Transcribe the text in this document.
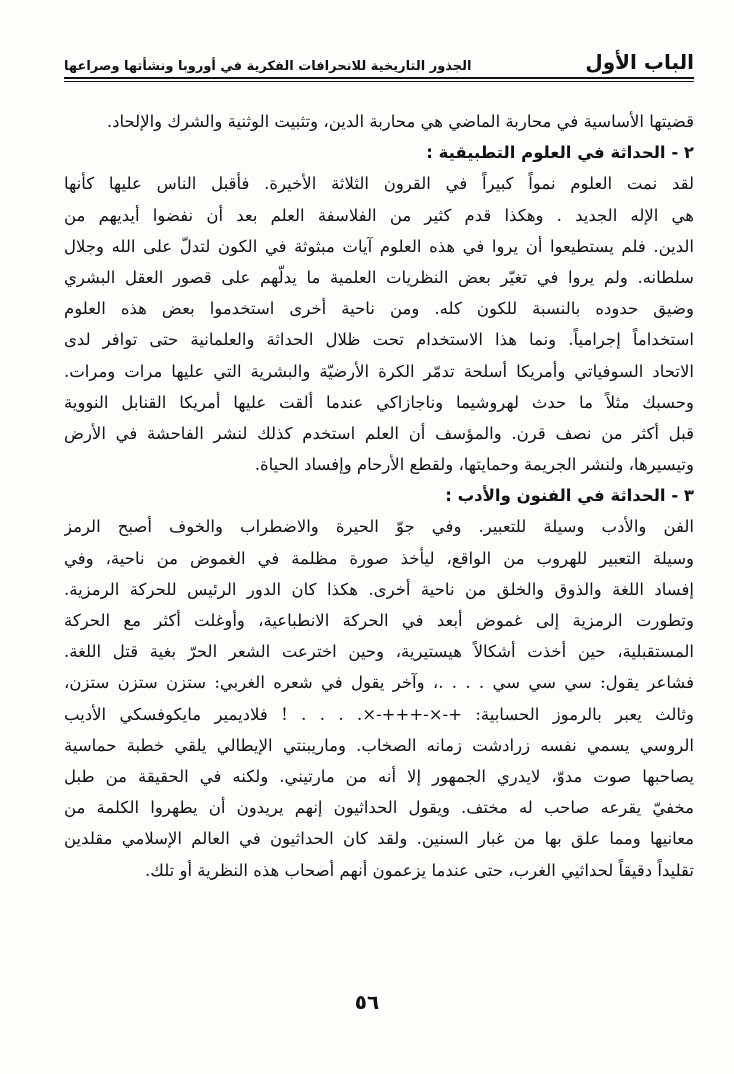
الباب الأول
الجذور التاريخية للانحرافات الفكرية في أوروبا ونشأتها وصراعها
قضيتها الأساسية في محاربة الماضي هي محاربة الدين، وتثبيت الوثنية والشرك والإلحاد.
٢ - الحداثة في العلوم التطبيقية :
لقد نمت العلوم نمواً كبيراً في القرون الثلاثة الأخيرة. فأقبل الناس عليها كأنها
هي الإله الجديد . وهكذا قدم كثير من الفلاسفة العلم بعد أن نفضوا أيديهم من
الدين. فلم يستطيعوا أن يروا في هذه العلوم آيات مبثوثة في الكون لتدلّ على الله وجلال
سلطانه. ولم يروا في تغيّر بعض النظريات العلمية ما يدلّهم على قصور العقل البشري
وضيق حدوده بالنسبة للكون كله. ومن ناحية أخرى استخدموا بعض هذه العلوم
استخداماً إجرامياً. ونما هذا الاستخدام تحت ظلال الحداثة والعلمانية حتى توافر لدى
الاتحاد السوفياتي وأمريكا أسلحة تدمّر الكرة الأرضيّة والبشرية التي عليها مرات ومرات.
وحسبك مثلاً ما حدث لهروشيما وناجازاكي عندما ألقت عليها أمريكا القنابل النووية
قبل أكثر من نصف قرن. والمؤسف أن العلم استخدم كذلك لنشر الفاحشة في الأرض
وتيسيرها، ولنشر الجريمة وحمايتها، ولقطع الأرحام وإفساد الحياة.
٣ - الحداثة في الفنون والأدب :
الفن والأدب وسيلة للتعبير. وفي جوّ الحيرة والاضطراب والخوف أصبح الرمز
وسيلة التعبير للهروب من الواقع، ليأخذ صورة مظلمة في الغموض من ناحية، وفي
إفساد اللغة والذوق والخلق من ناحية أخرى. هكذا كان الدور الرئيس للحركة الرمزية.
وتطورت الرمزية إلى غموض أبعد في الحركة الانطباعية، وأوغلت أكثر مع الحركة
المستقبلية، حين أخذت أشكالاً هيستيرية، وحين اخترعت الشعر الحرّ بغية قتل اللغة.
فشاعر يقول: سي سي سي . . . .، وآخر يقول في شعره الغربي: ستزن ستزن ستزن،
وثالث يعبر بالرموز الحسابية: +-×-+++-×. . . . ! فلاديمير مايكوفسكي الأديب
الروسي يسمي نفسه زرادشت زمانه الصخاب. وماريبنتي الإيطالي يلقي خطبة حماسية
يصاحبها صوت مدوّ، لايدري الجمهور إلا أنه من مارتيني. ولكنه في الحقيقة من طبل
مخفيّ يقرعه صاحب له مختف. ويقول الحداثيون إنهم يريدون أن يطهروا الكلمة من
معانيها ومما علق بها من غبار السنين. ولقد كان الحداثيون في العالم الإسلامي مقلدين
تقليداً دقيقاً لحداثيي الغرب، حتى عندما يزعمون أنهم أصحاب هذه النظرية أو تلك.
٥٦
